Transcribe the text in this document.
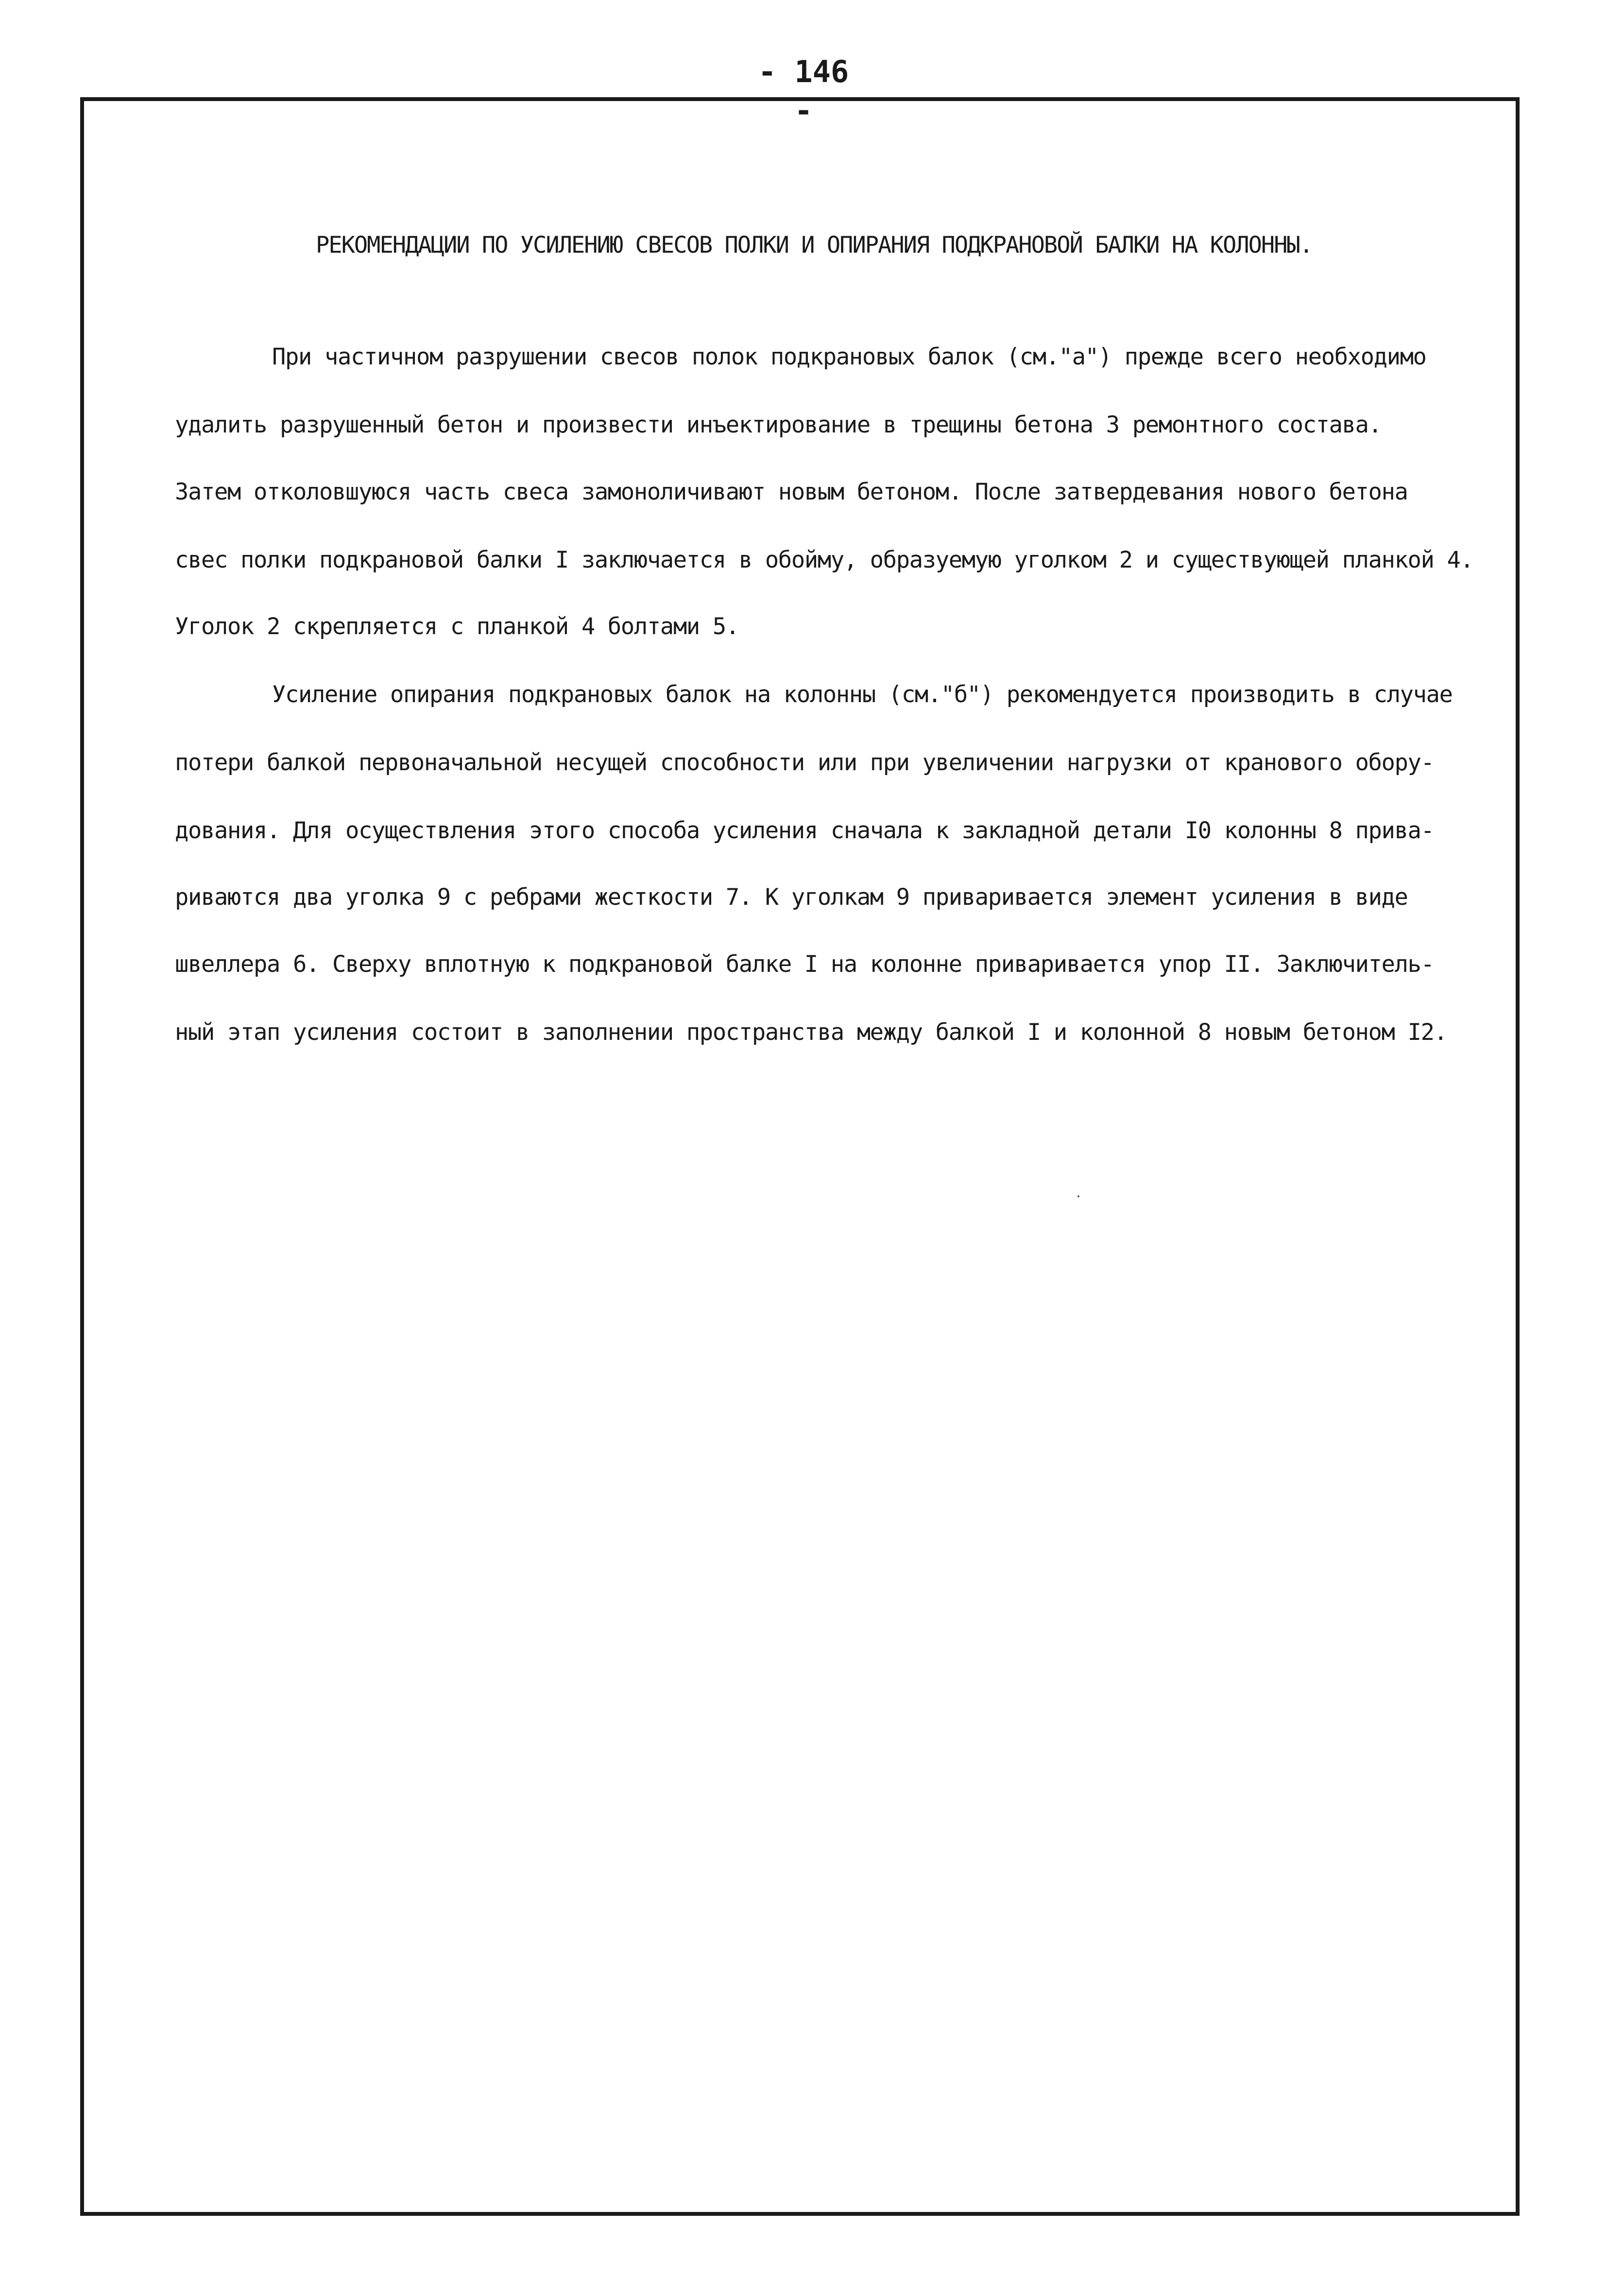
- 146 -
РЕКОМЕНДАЦИИ ПО УСИЛЕНИЮ СВЕСОВ ПОЛКИ И ОПИРАНИЯ ПОДКРАНОВОЙ БАЛКИ НА КОЛОННЫ.
При частичном разрушении свесов полок подкрановых балок (см."а") прежде всего необходимо
удалить разрушенный бетон и произвести инъектирование в трещины бетона 3 ремонтного состава.
Затем отколовшуюся часть свеса замоноличивают новым бетоном. После затвердевания нового бетона
свес полки подкрановой балки I заключается в обойму, образуемую уголком 2 и существующей планкой 4.
Уголок 2 скрепляется с планкой 4 болтами 5.
Усиление опирания подкрановых балок на колонны (см."б") рекомендуется производить в случае
потери балкой первоначальной несущей способности или при увеличении нагрузки от кранового обору-
дования. Для осуществления этого способа усиления сначала к закладной детали I0 колонны 8 прива-
риваются два уголка 9 с ребрами жесткости 7. К уголкам 9 приваривается элемент усиления в виде
швеллера 6. Сверху вплотную к подкрановой балке I на колонне приваривается упор II. Заключитель-
ный этап усиления состоит в заполнении пространства между балкой I и колонной 8 новым бетоном I2.
